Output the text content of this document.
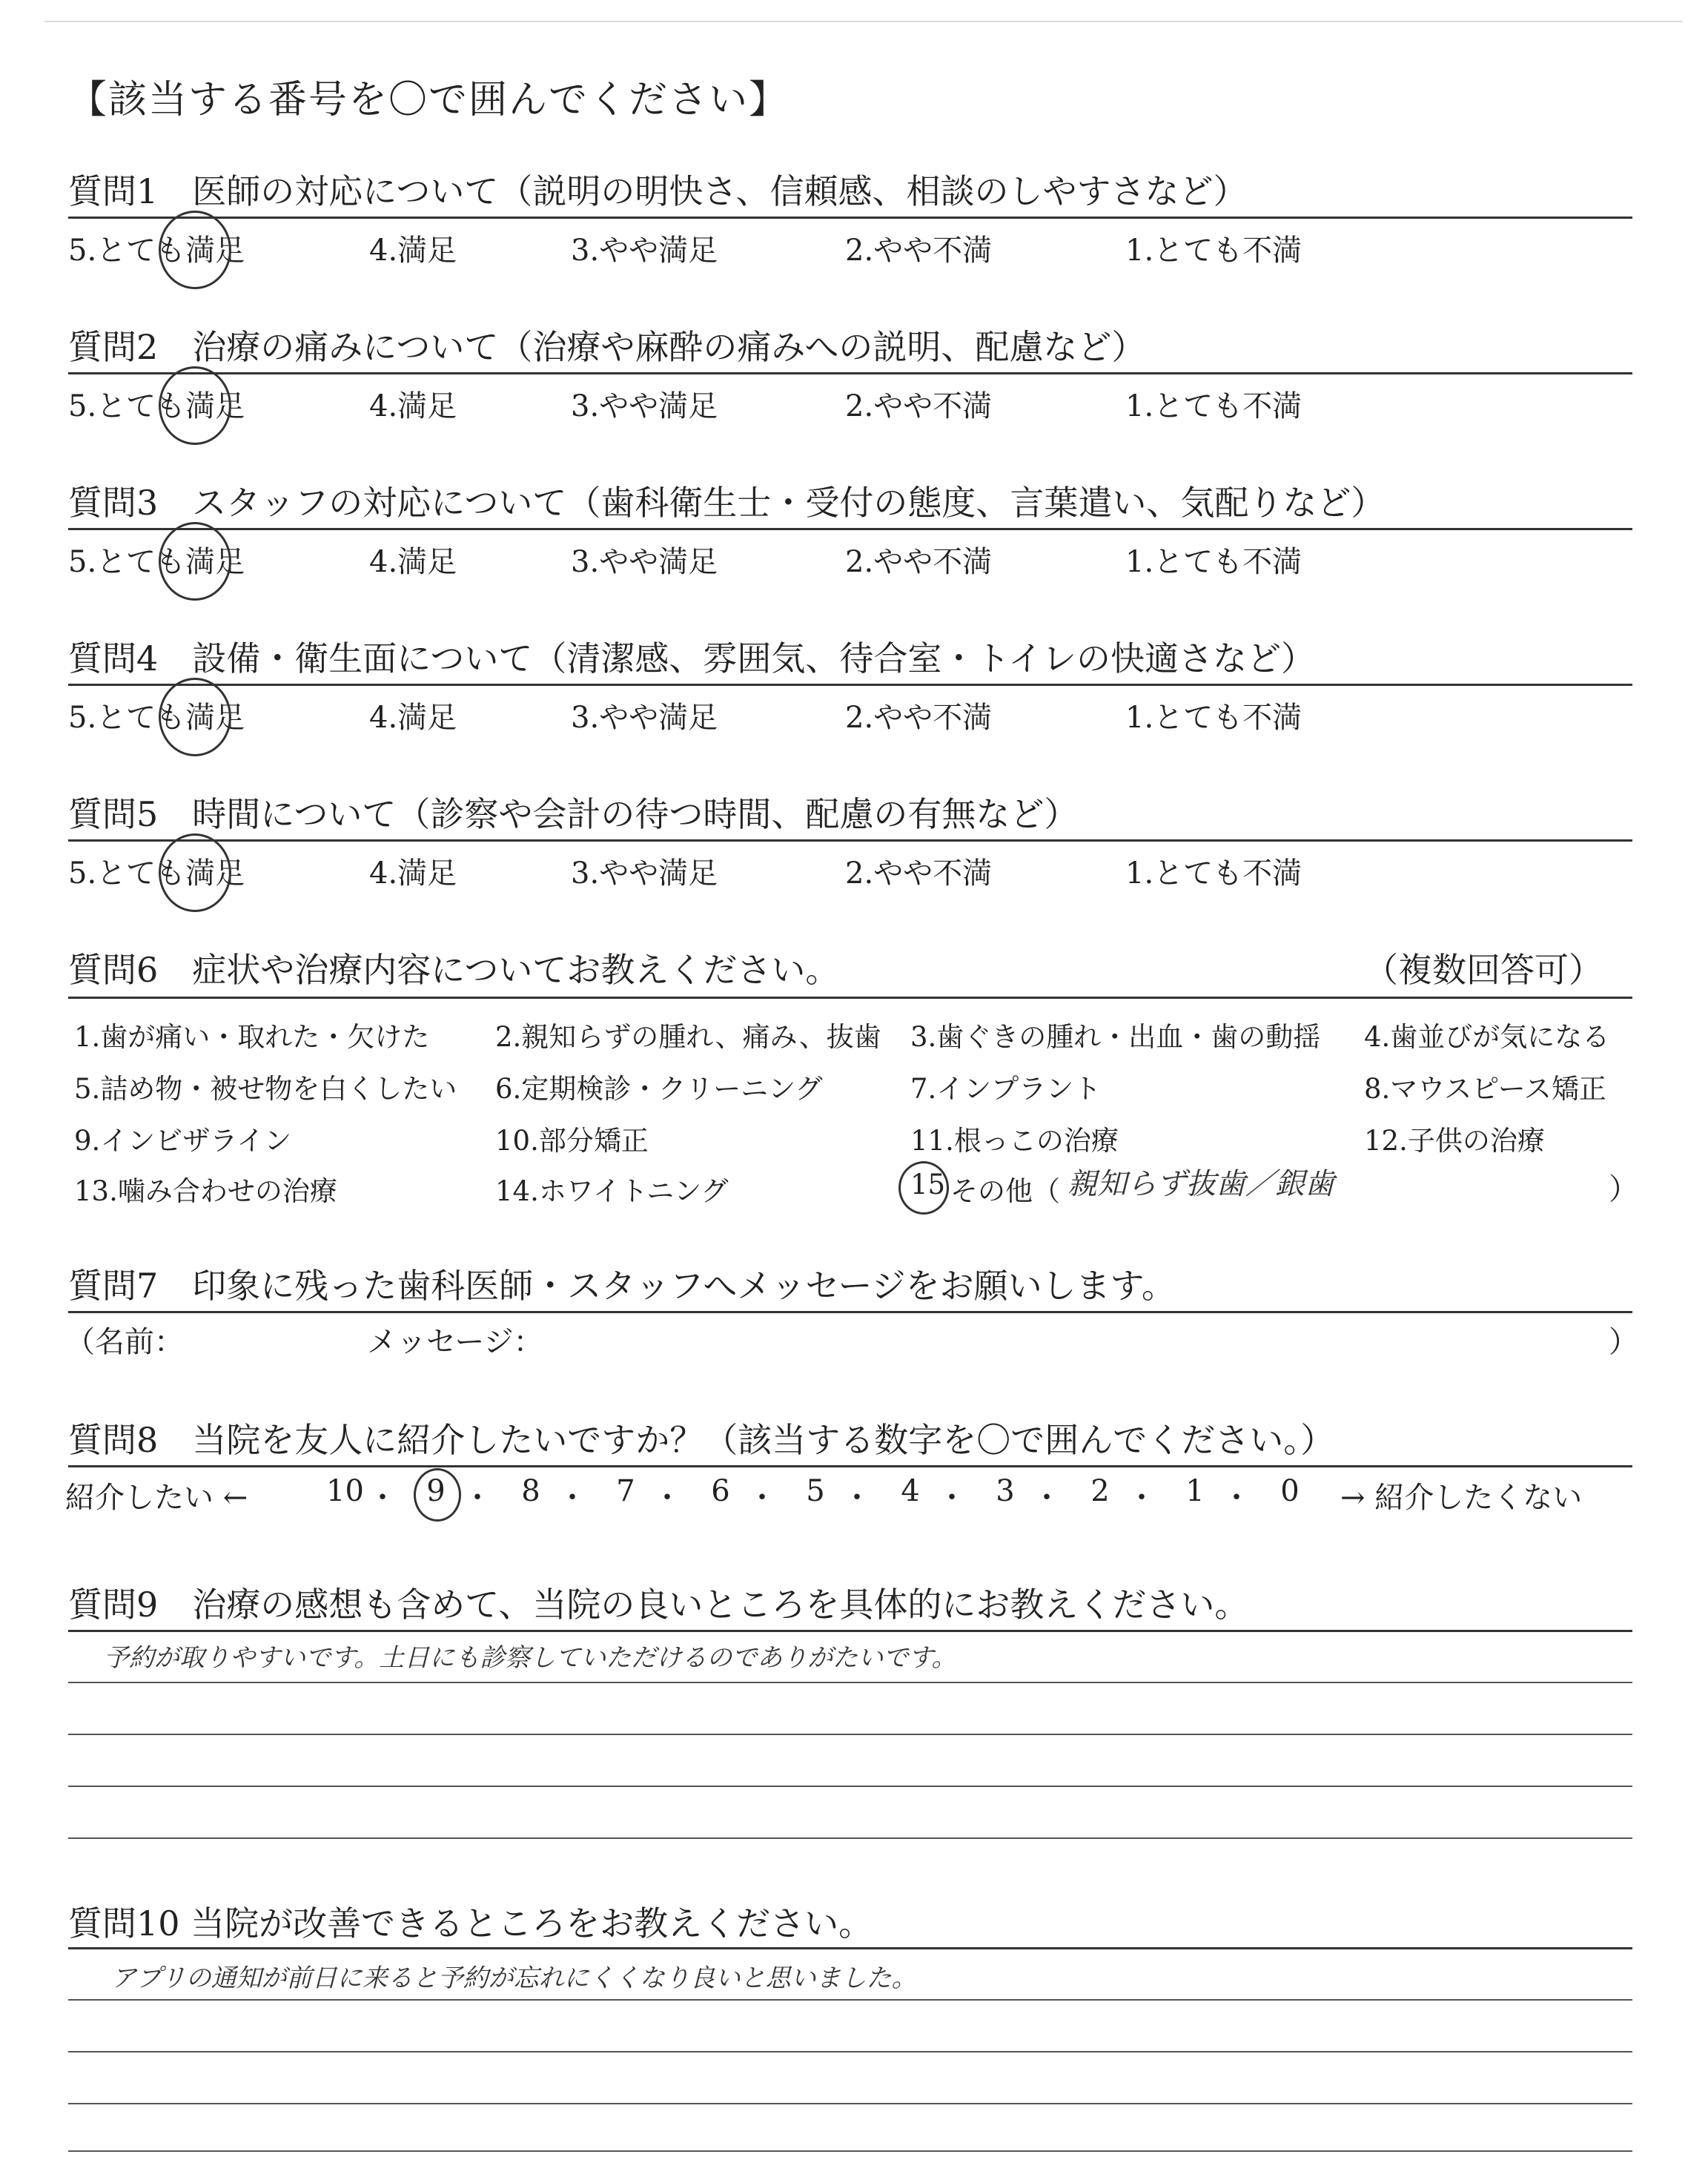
【該当する番号を〇で囲んでください】
質問1　医師の対応について（説明の明快さ、信頼感、相談のしやすさなど）
5.とても満足	4.満足	3.やや満足	2.やや不満	1.とても不満
質問2　治療の痛みについて（治療や麻酔の痛みへの説明、配慮など）
5.とても満足	4.満足	3.やや満足	2.やや不満	1.とても不満
質問3　スタッフの対応について（歯科衛生士・受付の態度、言葉遣い、気配りなど）
5.とても満足	4.満足	3.やや満足	2.やや不満	1.とても不満
質問4　設備・衛生面について（清潔感、雰囲気、待合室・トイレの快適さなど）
5.とても満足	4.満足	3.やや満足	2.やや不満	1.とても不満
質問5　時間について（診察や会計の待つ時間、配慮の有無など）
5.とても満足	4.満足	3.やや満足	2.やや不満	1.とても不満
質問6　症状や治療内容についてお教えください。	（複数回答可）
1.歯が痛い・取れた・欠けた 2.親知らずの腫れ、痛み、抜歯 3.歯ぐきの腫れ・出血・歯の動揺 4.歯並びが気になる
5.詰め物・被せ物を白くしたい 6.定期検診・クリーニング	7.インプラント	8.マウスピース矯正
9.インビザライン	10.部分矯正	11.根っこの治療	12.子供の治療
13.噛み合わせの治療	14.ホワイトニング	15 その他（	）
親知らず抜歯／銀歯
質問7　印象に残った歯科医師・スタッフへメッセージをお願いします。
（名前：	メッセージ：	）
質問8　当院を友人に紹介したいですか？（該当する数字を〇で囲んでください。）
紹介したい ←	→ 紹介したくない
10 ・ 9 ・ 8 ・ 7 ・ 6 ・ 5 ・ 4 ・ 3 ・ 2 ・ 1 ・ 0
質問9　治療の感想も含めて、当院の良いところを具体的にお教えください。
予約が取りやすいです。土日にも診察していただけるのでありがたいです。
質問10 当院が改善できるところをお教えください。
アプリの通知が前日に来ると予約が忘れにくくなり良いと思いました。
